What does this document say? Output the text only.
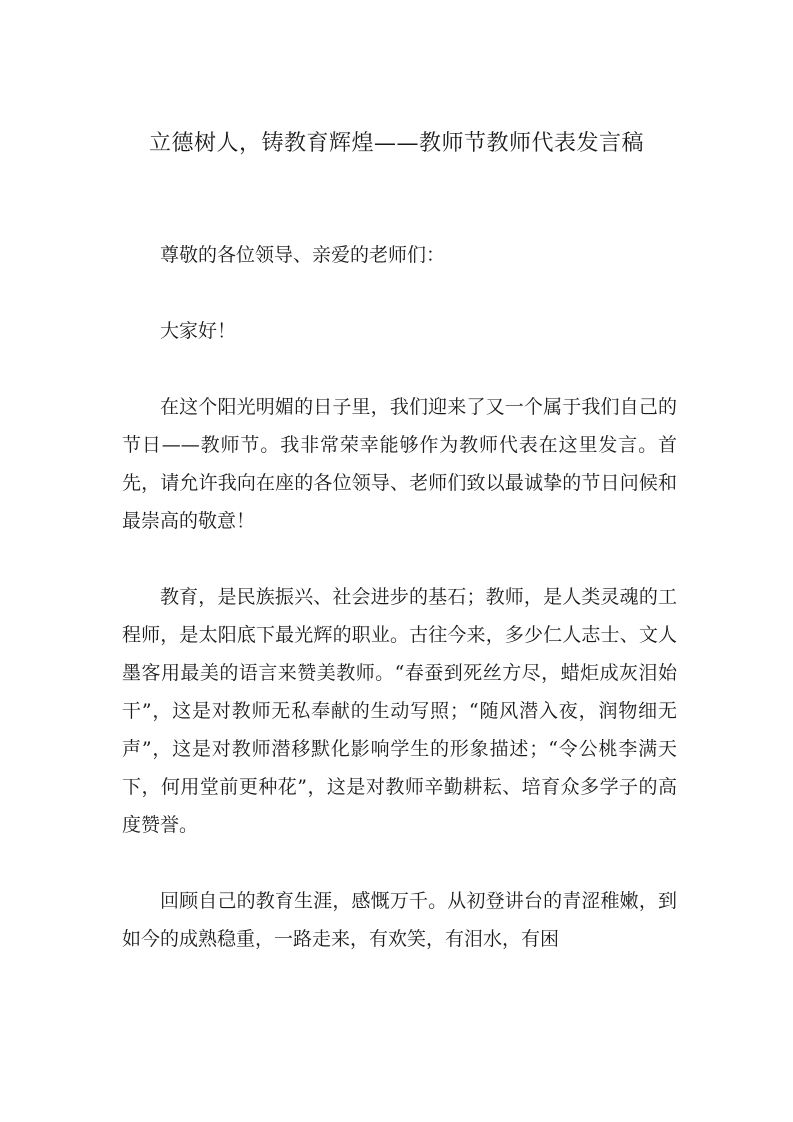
立德树人，铸教育辉煌——教师节教师代表发言稿

尊敬的各位领导、亲爱的老师们：

大家好！

在这个阳光明媚的日子里，我们迎来了又一个属于我们自己的节日——教师节。我非常荣幸能够作为教师代表在这里发言。首先，请允许我向在座的各位领导、老师们致以最诚挚的节日问候和最崇高的敬意！

教育，是民族振兴、社会进步的基石；教师，是人类灵魂的工程师，是太阳底下最光辉的职业。古往今来，多少仁人志士、文人墨客用最美的语言来赞美教师。“春蚕到死丝方尽，蜡炬成灰泪始干”，这是对教师无私奉献的生动写照；“随风潜入夜，润物细无声”，这是对教师潜移默化影响学生的形象描述；“令公桃李满天下，何用堂前更种花”，这是对教师辛勤耕耘、培育众多学子的高度赞誉。

回顾自己的教育生涯，感慨万千。从初登讲台的青涩稚嫩，到如今的成熟稳重，一路走来，有欢笑，有泪水，有困
